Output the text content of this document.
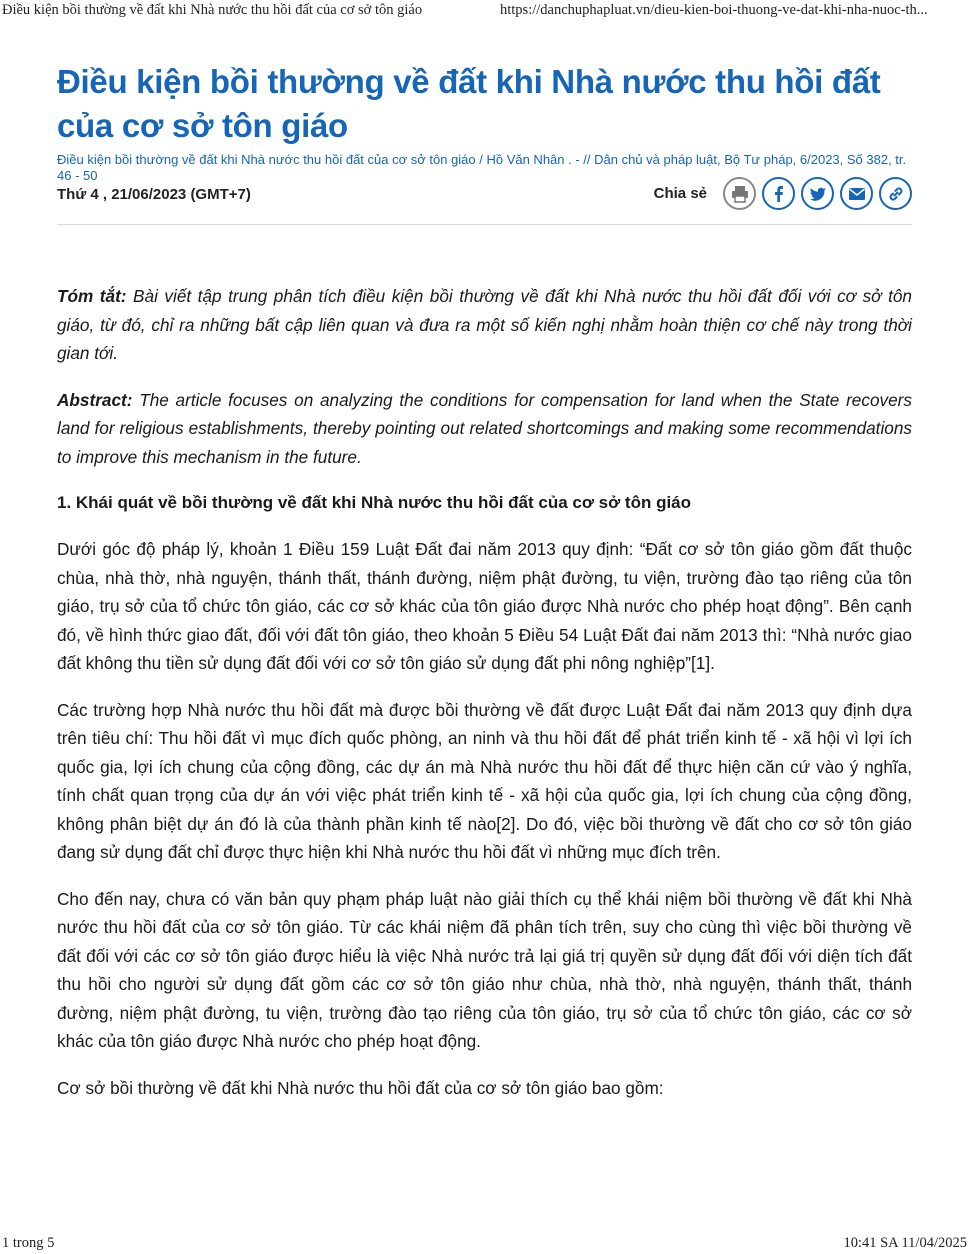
Điều kiện bồi thường về đất khi Nhà nước thu hồi đất của cơ sở tôn giáo	https://danchuphapluat.vn/dieu-kien-boi-thuong-ve-dat-khi-nha-nuoc-th...
Điều kiện bồi thường về đất khi Nhà nước thu hồi đất của cơ sở tôn giáo

Điều kiện bồi thường về đất khi Nhà nước thu hồi đất của cơ sở tôn giáo / Hồ Văn Nhân . - // Dân chủ và pháp luật, Bộ Tư pháp, 6/2023, Số 382, tr. 46 - 50

Thứ 4 , 21/06/2023 (GMT+7)	Chia sẻ

Tóm tắt: Bài viết tập trung phân tích điều kiện bồi thường về đất khi Nhà nước thu hồi đất đối với cơ sở tôn giáo, từ đó, chỉ ra những bất cập liên quan và đưa ra một số kiến nghị nhằm hoàn thiện cơ chế này trong thời gian tới.

Abstract: The article focuses on analyzing the conditions for compensation for land when the State recovers land for religious establishments, thereby pointing out related shortcomings and making some recommendations to improve this mechanism in the future.

1. Khái quát về bồi thường về đất khi Nhà nước thu hồi đất của cơ sở tôn giáo

Dưới góc độ pháp lý, khoản 1 Điều 159 Luật Đất đai năm 2013 quy định: “Đất cơ sở tôn giáo gồm đất thuộc chùa, nhà thờ, nhà nguyện, thánh thất, thánh đường, niệm phật đường, tu viện, trường đào tạo riêng của tôn giáo, trụ sở của tổ chức tôn giáo, các cơ sở khác của tôn giáo được Nhà nước cho phép hoạt động”. Bên cạnh đó, về hình thức giao đất, đối với đất tôn giáo, theo khoản 5 Điều 54 Luật Đất đai năm 2013 thì: “Nhà nước giao đất không thu tiền sử dụng đất đối với cơ sở tôn giáo sử dụng đất phi nông nghiệp”[1].

Các trường hợp Nhà nước thu hồi đất mà được bồi thường về đất được Luật Đất đai năm 2013 quy định dựa trên tiêu chí: Thu hồi đất vì mục đích quốc phòng, an ninh và thu hồi đất để phát triển kinh tế - xã hội vì lợi ích quốc gia, lợi ích chung của cộng đồng, các dự án mà Nhà nước thu hồi đất để thực hiện căn cứ vào ý nghĩa, tính chất quan trọng của dự án với việc phát triển kinh tế - xã hội của quốc gia, lợi ích chung của cộng đồng, không phân biệt dự án đó là của thành phần kinh tế nào[2]. Do đó, việc bồi thường về đất cho cơ sở tôn giáo đang sử dụng đất chỉ được thực hiện khi Nhà nước thu hồi đất vì những mục đích trên.

Cho đến nay, chưa có văn bản quy phạm pháp luật nào giải thích cụ thể khái niệm bồi thường về đất khi Nhà nước thu hồi đất của cơ sở tôn giáo. Từ các khái niệm đã phân tích trên, suy cho cùng thì việc bồi thường về đất đối với các cơ sở tôn giáo được hiểu là việc Nhà nước trả lại giá trị quyền sử dụng đất đối với diện tích đất thu hồi cho người sử dụng đất gồm các cơ sở tôn giáo như chùa, nhà thờ, nhà nguyện, thánh thất, thánh đường, niệm phật đường, tu viện, trường đào tạo riêng của tôn giáo, trụ sở của tổ chức tôn giáo, các cơ sở khác của tôn giáo được Nhà nước cho phép hoạt động.

Cơ sở bồi thường về đất khi Nhà nước thu hồi đất của cơ sở tôn giáo bao gồm:

1 trong 5	10:41 SA 11/04/2025
